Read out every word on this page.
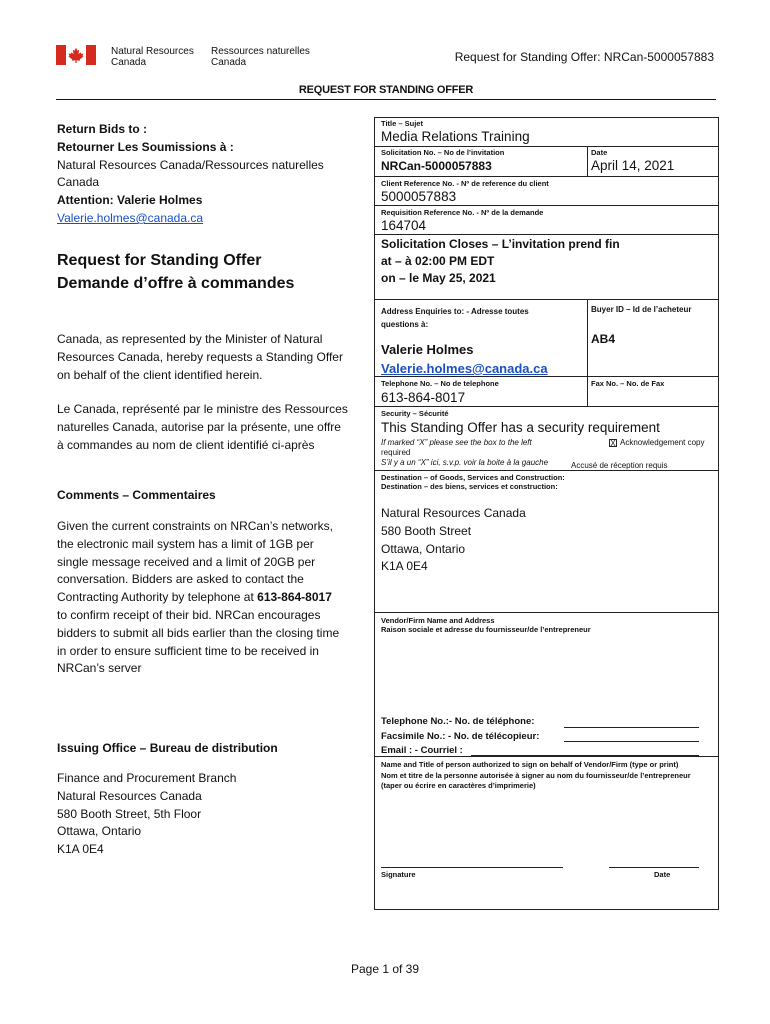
Natural Resources
Canada
Ressources naturelles
Canada	Request for Standing Offer: NRCan-5000057883
REQUEST FOR STANDING OFFER
Return Bids to :
Retourner Les Soumissions à :
Natural Resources Canada/Ressources naturelles
Canada
Attention: Valerie Holmes
Valerie.holmes@canada.ca
Request for Standing Offer
Demande d’offre à commandes
Canada, as represented by the Minister of Natural
Resources Canada, hereby requests a Standing Offer
on behalf of the client identified herein.
Le Canada, représenté par le ministre des Ressources
naturelles Canada, autorise par la présente, une offre
à commandes au nom de client identifié ci-après
Comments – Commentaires
Given the current constraints on NRCan’s networks,
the electronic mail system has a limit of 1GB per
single message received and a limit of 20GB per
conversation. Bidders are asked to contact the
Contracting Authority by telephone at 613-864-8017
to confirm receipt of their bid. NRCan encourages
bidders to submit all bids earlier than the closing time
in order to ensure sufficient time to be received in
NRCan’s server
Issuing Office – Bureau de distribution
Finance and Procurement Branch
Natural Resources Canada
580 Booth Street, 5th Floor
Ottawa, Ontario
K1A 0E4
Title – Sujet
Media Relations Training
Solicitation No. – No de l’invitation
NRCan-5000057883
Date
April 14, 2021
Client Reference No. - Nº de reference du client
5000057883
Requisition Reference No. - Nº de la demande
164704
Solicitation Closes – L’invitation prend fin
at – à 02:00 PM EDT
on – le May 25, 2021
Address Enquiries to: - Adresse toutes
questions à:
Buyer ID – Id de l’acheteur
AB4
Valerie Holmes
Valerie.holmes@canada.ca
Telephone No. – No de telephone
613-864-8017
Fax No. – No. de Fax
Security – Sécurité
This Standing Offer has a security requirement
If marked “X” please see the box to the left
required
S’il y a un “X” ici, s.v.p. voir la boite à la gauche
X Acknowledgement copy
Accusé de réception requis
Destination – of Goods, Services and Construction:
Destination – des biens, services et construction:
Natural Resources Canada
580 Booth Street
Ottawa, Ontario
K1A 0E4
Vendor/Firm Name and Address
Raison sociale et adresse du fournisseur/de l’entrepreneur
Telephone No.:- No. de téléphone:
Facsimile No.: - No. de télécopieur:
Email : - Courriel :
Name and Title of person authorized to sign on behalf of Vendor/Firm (type or print)
Nom et titre de la personne autorisée à signer au nom du fournisseur/de l’entrepreneur
(taper ou écrire en caractères d’imprimerie)
Signature	Date
Page 1 of 39
